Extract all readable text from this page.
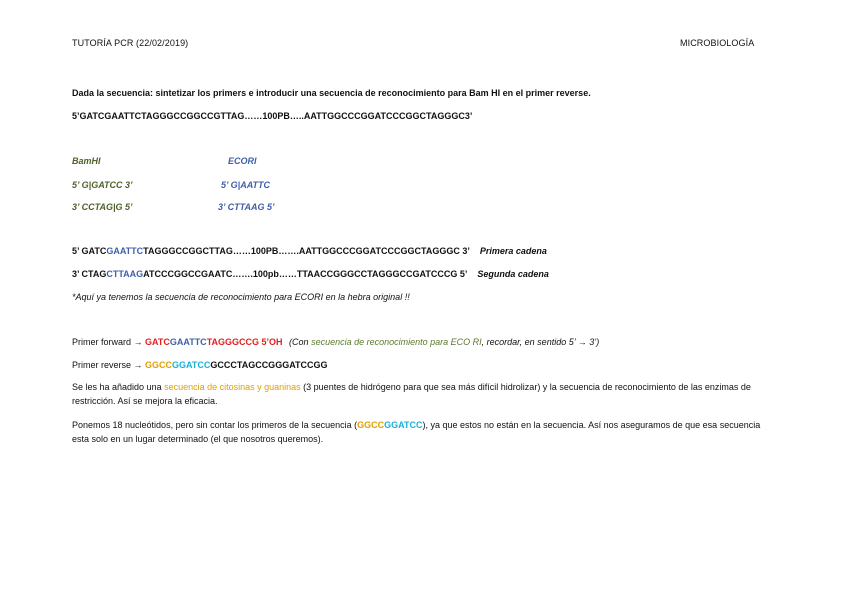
TUTORÍA PCR (22/02/2019)	MICROBIOLOGÍA
Dada la secuencia: sintetizar los primers e introducir una secuencia de reconocimiento para Bam HI en el primer reverse.
5’GATCGAATTCTAGGGCCGGCCGTTAG……100PB…..AATTGGCCCGGATCCCGGCTAGGGC3’
BamHI	ECORI
5’ G|GATCC 3’	5’ G|AATTC
3’ CCTAG|G 5’	3’ CTTAAG 5’
5’ GATCGAATTCTAGGGCCGGCTTAG……100PB…….AATTGGCCCGGATCCCGGCTAGGGC 3’ Primera cadena
3’ CTAGCTTAAGATCCCGGCCGAATC…….100pb……TTAACCGGGCCTAGGGCCGATCCCG 5’ Segunda cadena
*Aquí ya tenemos la secuencia de reconocimiento para ECORI en la hebra original !!
Primer forward → GATCGAATTCTAGGGCCG 5’OH (Con secuencia de reconocimiento para ECO RI, recordar, en sentido 5’ → 3’)
Primer reverse → GGCCGGATCCGCCCTAGCCGGGATCCGG
Se les ha añadido una secuencia de citosinas y guaninas (3 puentes de hidrógeno para que sea más difícil hidrolizar) y la secuencia de reconocimiento de las enzimas de restricción. Así se mejora la eficacia.
Ponemos 18 nucleótidos, pero sin contar los primeros de la secuencia (GGCCGGATCC), ya que estos no están en la secuencia. Así nos aseguramos de que esa secuencia esta solo en un lugar determinado (el que nosotros queremos).
